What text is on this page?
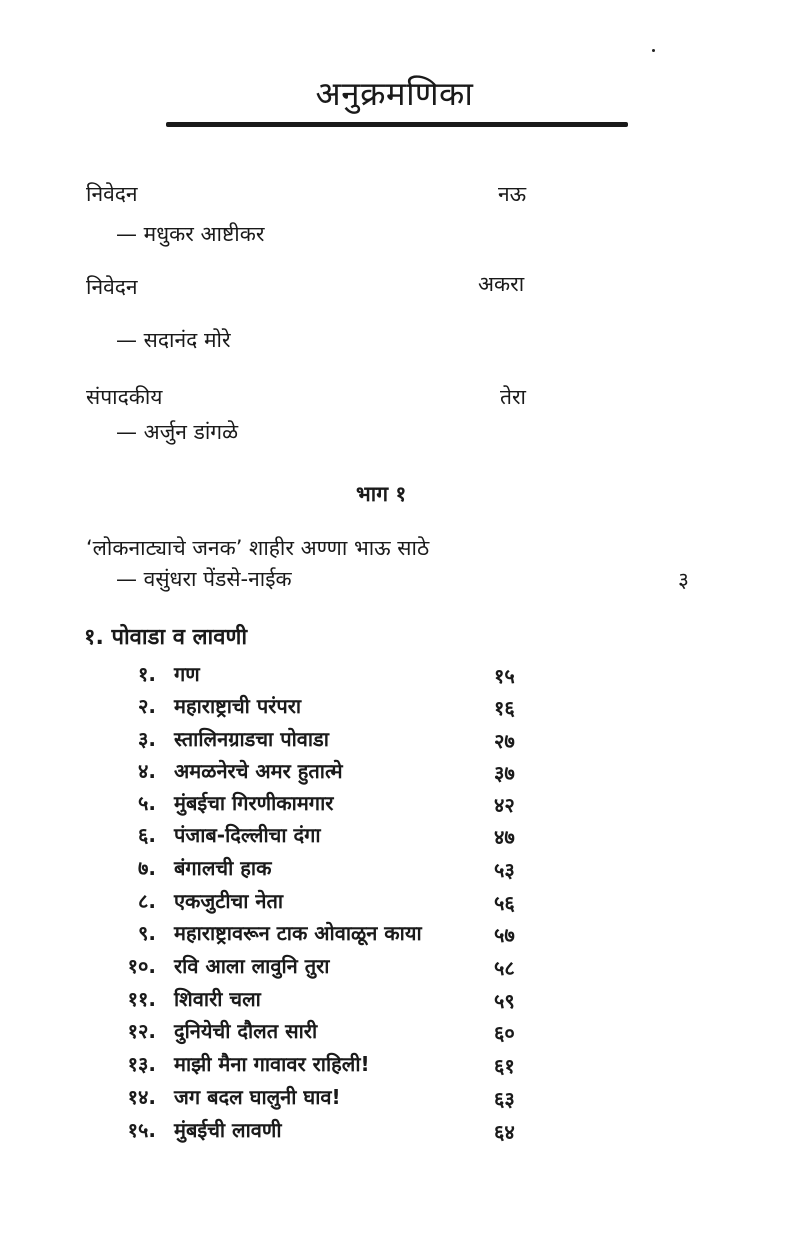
अनुक्रमणिका
निवेदन	नऊ
— मधुकर आष्टीकर
निवेदन	अकरा
— सदानंद मोरे
संपादकीय	तेरा
— अर्जुन डांगळे
भाग १
‘लोकनाट्याचे जनक’ शाहीर अण्णा भाऊ साठे
— वसुंधरा पेंडसे-नाईक	३
१. पोवाडा व लावणी
१. गण	१५
२. महाराष्ट्राची परंपरा	१६
३. स्तालिनग्राडचा पोवाडा	२७
४. अमळनेरचे अमर हुतात्मे	३७
५. मुंबईचा गिरणीकामगार	४२
६. पंजाब-दिल्लीचा दंगा	४७
७. बंगालची हाक	५३
८. एकजुटीचा नेता	५६
९. महाराष्ट्रावरून टाक ओवाळून काया	५७
१०. रवि आला लावुनि तुरा	५८
११. शिवारी चला	५९
१२. दुनियेची दौलत सारी	६०
१३. माझी मैना गावावर राहिली!	६१
१४. जग बदल घालुनी घाव!	६३
१५. मुंबईची लावणी	६४
